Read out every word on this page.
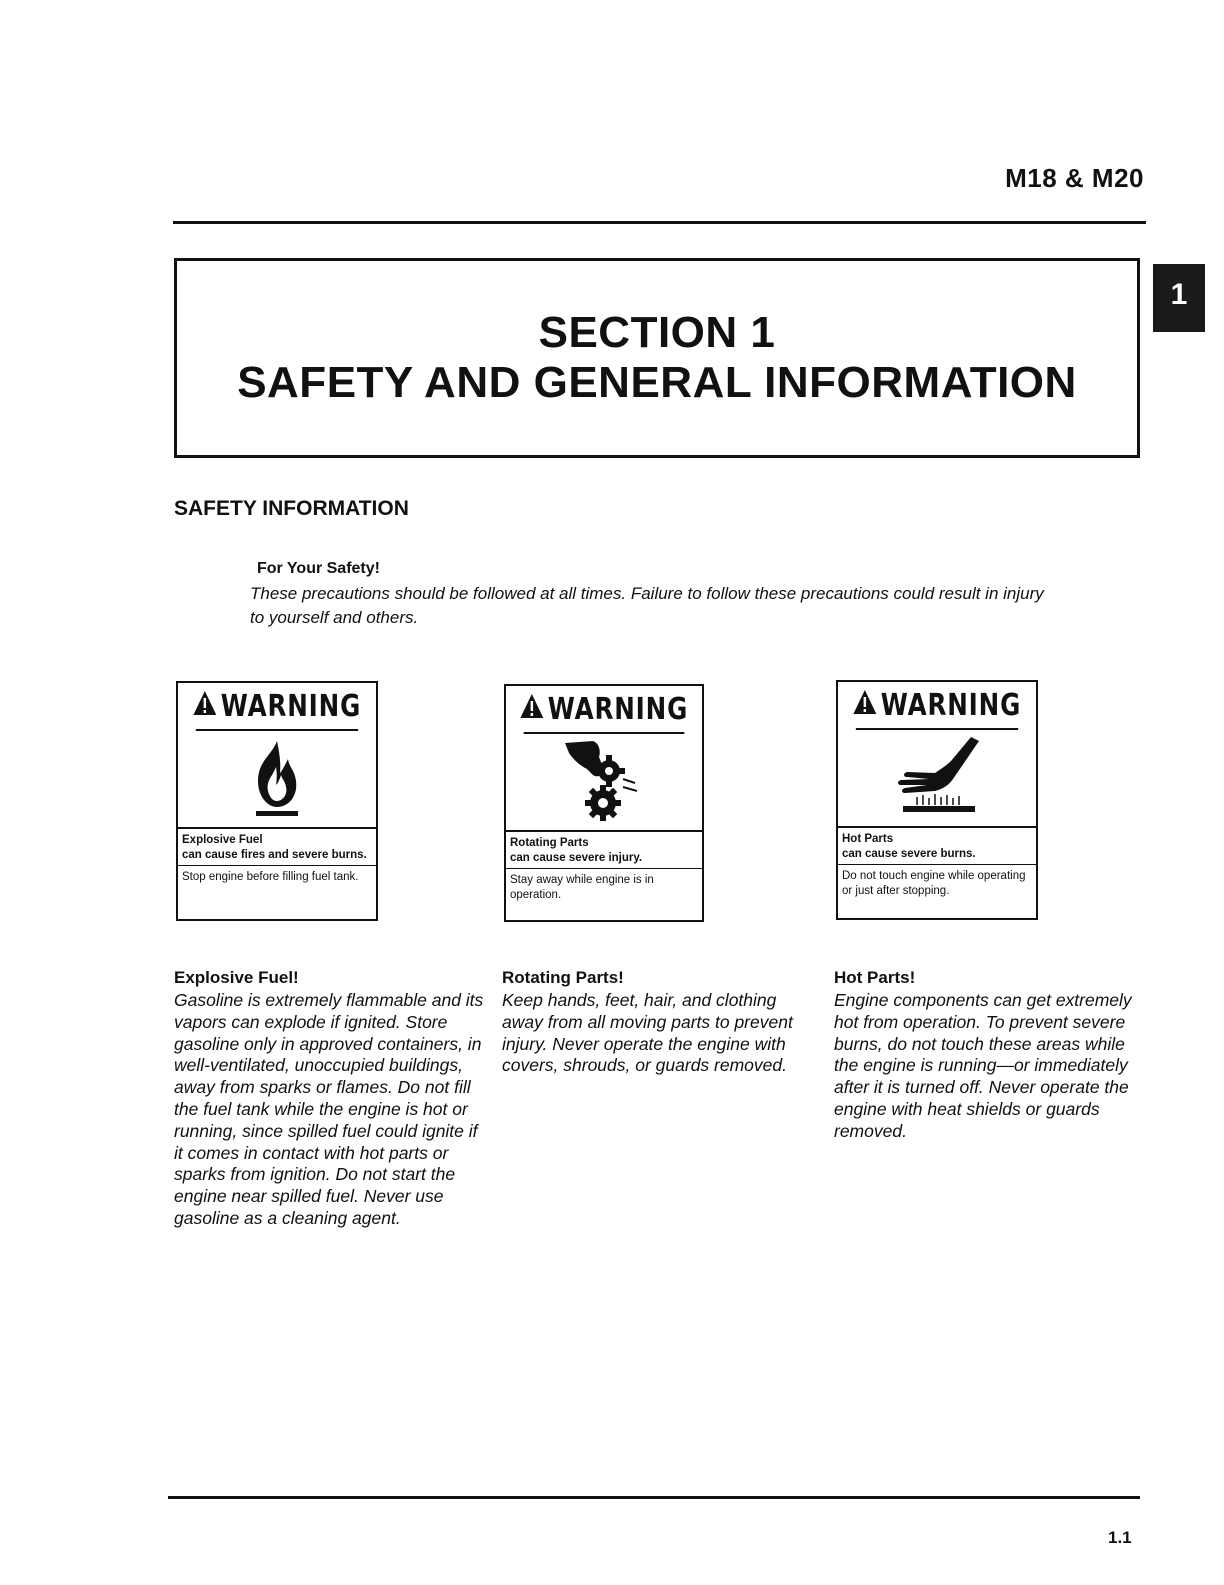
M18 & M20
SECTION 1
SAFETY AND GENERAL INFORMATION
1
SAFETY INFORMATION
For Your Safety!
These precautions should be followed at all times. Failure to follow these precautions could result in injury to yourself and others.
WARNING
Explosive Fuel
can cause fires and severe burns.
Stop engine before filling fuel tank.
WARNING
Rotating Parts
can cause severe injury.
Stay away while engine is in operation.
WARNING
Hot Parts
can cause severe burns.
Do not touch engine while operating or just after stopping.
Explosive Fuel!
Gasoline is extremely flammable and its vapors can explode if ignited. Store gasoline only in approved containers, in well-ventilated, unoccupied buildings, away from sparks or flames. Do not fill the fuel tank while the engine is hot or running, since spilled fuel could ignite if it comes in contact with hot parts or sparks from ignition. Do not start the engine near spilled fuel. Never use gasoline as a cleaning agent.
Rotating Parts!
Keep hands, feet, hair, and clothing away from all moving parts to prevent injury. Never operate the engine with covers, shrouds, or guards removed.
Hot Parts!
Engine components can get extremely hot from operation. To prevent severe burns, do not touch these areas while the engine is running—or immediately after it is turned off. Never operate the engine with heat shields or guards removed.
1.1
